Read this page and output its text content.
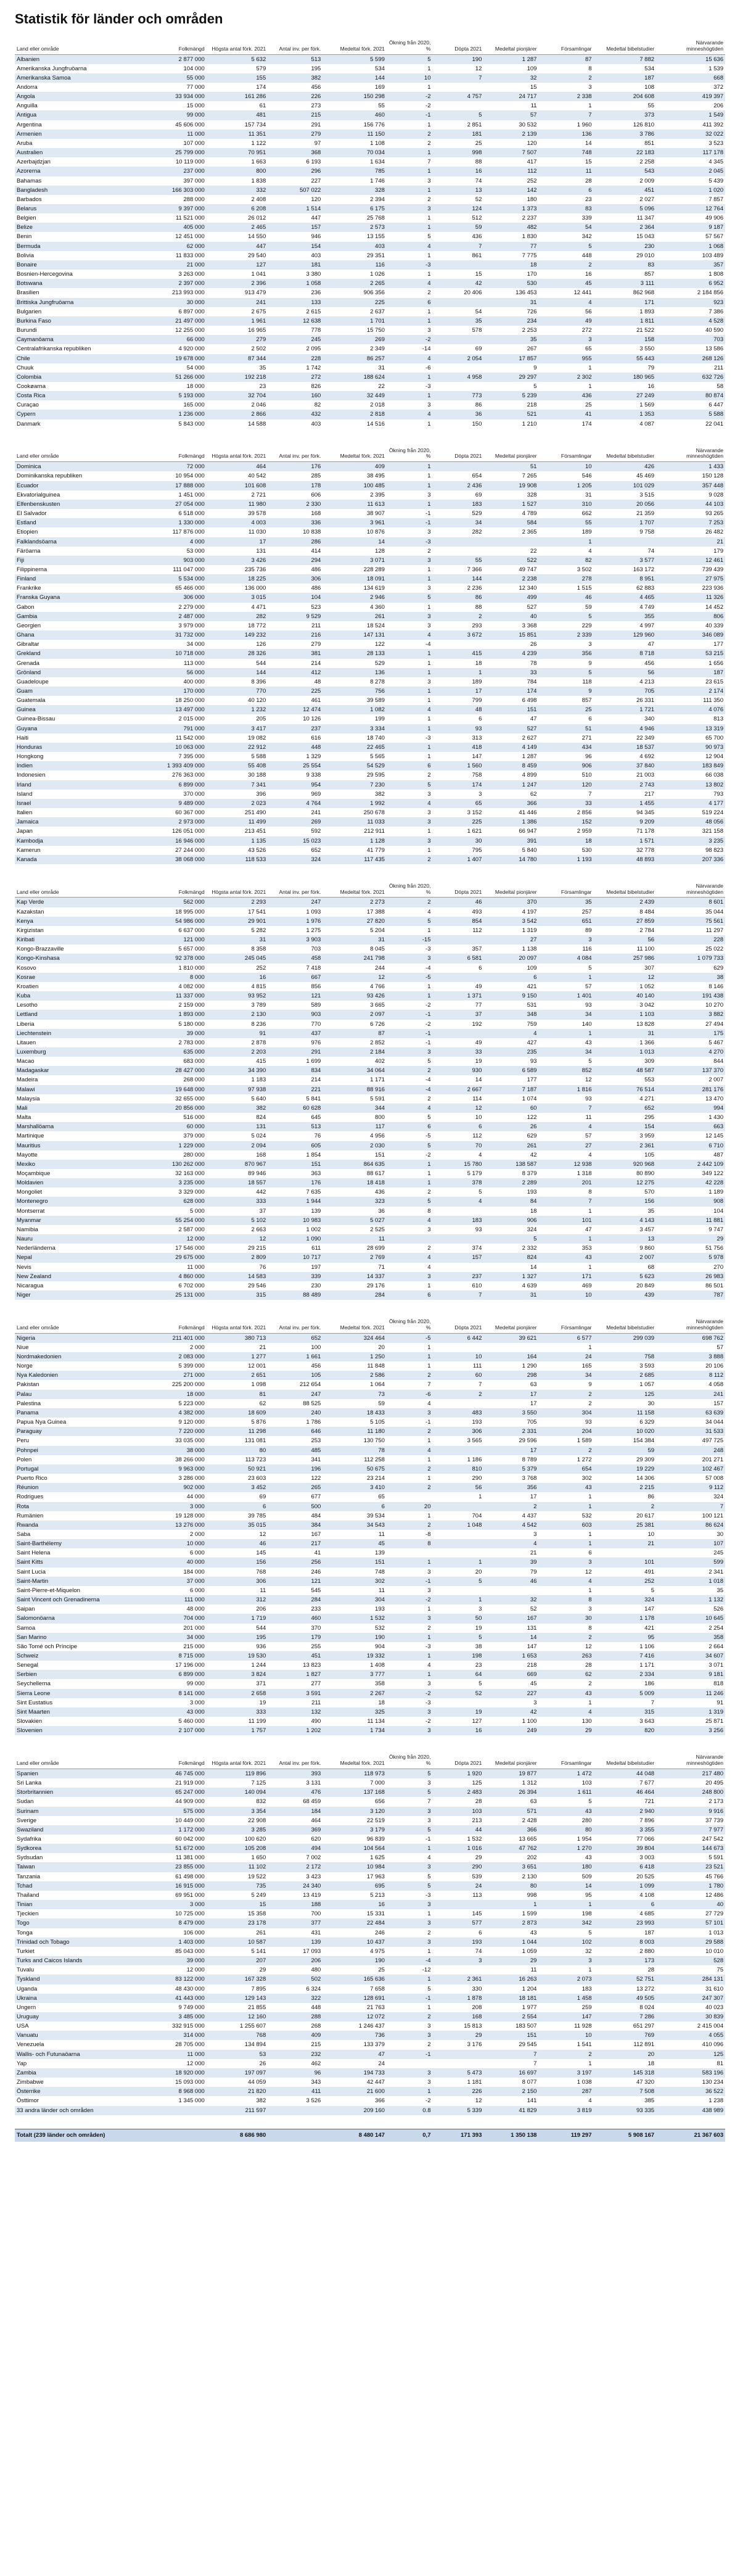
Statistik för länder och områden
Land eller område	Folkmängd	Högsta antal förk. 2021	Antal inv. per förk.	Medeltal förk. 2021	Ökning från 2020, %	Döpta 2021	Medeltal pionjärer	Församlingar	Medeltal bibelstudier	Närvarande minneshögtiden
Albanien	2 877 000	5 632	513	5 599	5	190	1 287	87	7 882	15 636
Amerikanska Jungfruöarna	104 000	579	195	534	1	12	109	8	534	1 539
Amerikanska Samoa	55 000	155	382	144	10	7	32	2	187	668
Andorra	77 000	174	456	169	1		15	3	108	372
Angola	33 934 000	161 286	226	150 298	-2	4 757	24 717	2 338	204 608	419 397
Anguilla	15 000	61	273	55	-2		11	1	55	206
Antigua	99 000	481	215	460	-1	5	57	7	373	1 549
Argentina	45 606 000	157 734	291	156 776	1	2 851	30 532	1 960	126 810	411 392
Armenien	11 000	11 351	279	11 150	2	181	2 139	136	3 786	32 022
Aruba	107 000	1 122	97	1 108	2	25	120	14	851	3 523
Australien	25 799 000	70 951	368	70 034	1	998	7 507	748	22 183	117 178
Azerbajdzjan	10 119 000	1 663	6 193	1 634	7	88	417	15	2 258	4 345
Azorerna	237 000	800	296	785	1	16	112	11	543	2 045
Bahamas	397 000	1 838	227	1 746	3	74	252	28	2 009	5 439
Bangladesh	166 303 000	332	507 022	328	1	13	142	6	451	1 020
Barbados	288 000	2 408	120	2 394	2	52	180	23	2 027	7 857
Belarus	9 397 000	6 208	1 514	6 175	3	124	1 373	83	5 096	12 764
Belgien	11 521 000	26 012	447	25 768	1	512	2 237	339	11 347	49 906
Belize	405 000	2 465	157	2 573	1	59	482	54	2 364	9 187
Benin	12 451 000	14 550	946	13 155	5	436	1 830	342	15 043	57 567
Bermuda	62 000	447	154	403	4	7	77	5	230	1 068
Bolivia	11 833 000	29 540	403	29 351	1	861	7 775	448	29 010	103 489
Bonaire	21 000	127	181	116	-3		18	2	83	357
Bosnien-Hercegovina	3 263 000	1 041	3 380	1 026	1	15	170	16	857	1 808
Botswana	2 397 000	2 396	1 058	2 265	4	42	530	45	3 111	6 952
Brasilien	213 993 000	913 479	236	906 356	2	20 406	136 453	12 441	862 968	2 184 856
Brittiska Jungfruöarna	30 000	241	133	225	6		31	4	171	923
Bulgarien	6 897 000	2 675	2 615	2 637	1	54	726	56	1 893	7 386
Burkina Faso	21 497 000	1 961	12 638	1 701	1	35	234	49	1 811	4 528
Burundi	12 255 000	16 965	778	15 750	3	578	2 253	272	21 522	40 590
Caymanöarna	66 000	279	245	269	-2		35	3	158	703
Centralafrikanska republiken	4 920 000	2 502	2 095	2 349	-14	69	267	65	3 550	13 586
Chile	19 678 000	87 344	228	86 257	4	2 054	17 857	955	55 443	268 126
Chuuk	54 000	35	1 742	31	-6		9	1	79	211
Colombia	51 266 000	192 218	272	188 624	1	4 958	29 297	2 302	180 965	632 726
Cookøarna	18 000	23	826	22	-3		5	1	16	58
Costa Rica	5 193 000	32 704	160	32 449	1	773	5 239	436	27 249	80 874
Curaçao	165 000	2 046	82	2 018	3	86	218	25	1 569	6 447
Cypern	1 236 000	2 866	432	2 818	4	36	521	41	1 353	5 588
Danmark	5 843 000	14 588	403	14 516	1	150	1 210	174	4 087	22 041
Land eller område	Folkmängd	Högsta antal förk. 2021	Antal inv. per förk.	Medeltal förk. 2021	Ökning från 2020, %	Döpta 2021	Medeltal pionjärer	Församlingar	Medeltal bibelstudier	Närvarande minneshögtiden
Dominica	72 000	464	176	409	1		51	10	426	1 433
Dominikanska republiken	10 954 000	40 542	285	38 495	1	654	7 265	546	45 469	150 128
Ecuador	17 888 000	101 608	178	100 485	1	2 436	19 908	1 205	101 029	357 448
Ekvatorialguinea	1 451 000	2 721	606	2 395	3	69	328	31	3 515	9 028
Elfenbenskusten	27 054 000	11 980	2 330	11 613	1	183	1 527	310	20 056	44 103
El Salvador	6 518 000	39 578	168	38 907	-1	529	4 789	662	21 359	93 265
Estland	1 330 000	4 003	336	3 961	-1	34	584	55	1 707	7 253
Etiopien	117 876 000	11 030	10 838	10 876	3	282	2 365	189	9 758	26 482
Falklandsöarna	4 000	17	286	14	-3			1		21
Färöarna	53 000	131	414	128	2		22	4	74	179
Fiji	903 000	3 426	294	3 071	3	55	522	82	3 577	12 461
Filippinerna	111 047 000	235 736	486	228 289	1	7 366	49 747	3 502	163 172	739 439
Finland	5 534 000	18 225	306	18 091	1	144	2 238	278	8 951	27 975
Frankrike	65 466 000	136 000	486	134 619	3	2 236	12 340	1 515	62 883	223 936
Franska Guyana	306 000	3 015	104	2 946	5	86	499	46	4 465	11 326
Gabon	2 279 000	4 471	523	4 360	1	88	527	59	4 749	14 452
Gambia	2 487 000	282	9 529	261	3	2	40	5	355	806
Georgien	3 979 000	18 772	211	18 524	3	293	3 368	229	4 997	40 339
Ghana	31 732 000	149 232	216	147 131	4	3 672	15 851	2 339	129 960	346 089
Gibraltar	34 000	126	279	122	-4		26	3	47	177
Grekland	10 718 000	28 326	381	28 133	1	415	4 239	356	8 718	53 215
Grenada	113 000	544	214	529	1	18	78	9	456	1 656
Grönland	56 000	144	412	136	1	1	33	5	56	187
Guadeloupe	400 000	8 396	48	8 278	3	189	784	118	4 213	23 615
Guam	170 000	770	225	756	1	17	174	9	705	2 174
Guatemala	18 250 000	40 120	461	39 589	1	799	6 498	857	26 331	111 350
Guinea	13 497 000	1 232	12 474	1 082	4	48	151	25	1 721	4 076
Guinea-Bissau	2 015 000	205	10 126	199	1	6	47	6	340	813
Guyana	791 000	3 417	237	3 334	1	93	527	51	4 946	13 319
Haiti	11 542 000	19 082	616	18 740	-3	313	2 627	271	22 349	65 700
Honduras	10 063 000	22 912	448	22 465	1	418	4 149	434	18 537	90 973
Hongkong	7 395 000	5 588	1 329	5 565	1	147	1 287	96	4 692	12 904
Indien	1 393 409 000	55 408	25 554	54 529	6	1 560	8 459	906	37 840	183 849
Indonesien	276 363 000	30 188	9 338	29 595	2	758	4 899	510	21 003	66 038
Irland	6 899 000	7 341	954	7 230	5	174	1 247	120	2 743	13 802
Island	370 000	396	969	382	3	3	62	7	217	793
Israel	9 489 000	2 023	4 764	1 992	4	65	366	33	1 455	4 177
Italien	60 367 000	251 490	241	250 678	3	3 152	41 446	2 856	94 345	519 224
Jamaica	2 973 000	11 499	269	11 033	3	225	1 386	152	9 209	48 056
Japan	126 051 000	213 451	592	212 911	1	1 621	66 947	2 959	71 178	321 158
Kambodja	16 946 000	1 135	15 023	1 128	3	30	391	18	1 571	3 235
Kamerun	27 244 000	43 526	652	41 779	1	795	5 840	530	32 778	98 823
Kanada	38 068 000	118 533	324	117 435	2	1 407	14 780	1 193	48 893	207 336
Land eller område	Folkmängd	Högsta antal förk. 2021	Antal inv. per förk.	Medeltal förk. 2021	Ökning från 2020, %	Döpta 2021	Medeltal pionjärer	Församlingar	Medeltal bibelstudier	Närvarande minneshögtiden
Kap Verde	562 000	2 293	247	2 273	2	46	370	35	2 439	8 601
Kazakstan	18 995 000	17 541	1 093	17 388	4	493	4 197	257	8 484	35 044
Kenya	54 986 000	29 901	1 976	27 820	5	854	3 542	651	27 859	75 561
Kirgizistan	6 637 000	5 282	1 275	5 204	1	112	1 319	89	2 784	11 297
Kiribati	121 000	31	3 903	31	-15		27	3	56	228
Kongo-Brazzaville	5 657 000	8 358	703	8 045	-3	357	1 138	116	11 100	25 022
Kongo-Kinshasa	92 378 000	245 045	458	241 798	3	6 581	20 097	4 084	257 986	1 079 733
Kosovo	1 810 000	252	7 418	244	-4	6	109	5	307	629
Kosrae	8 000	16	667	12	-5		6	1	12	38
Kroatien	4 082 000	4 815	856	4 766	1	49	421	57	1 052	8 146
Kuba	11 337 000	93 952	121	93 426	1	1 371	9 150	1 401	40 140	191 438
Lesotho	2 159 000	3 789	589	3 665	-2	77	531	93	3 042	10 270
Lettland	1 893 000	2 130	903	2 097	-1	37	348	34	1 103	3 882
Liberia	5 180 000	8 236	770	6 726	-2	192	759	140	13 828	27 494
Liechtenstein	39 000	91	437	87	-1		4	1	31	175
Litauen	2 783 000	2 878	976	2 852	-1	49	427	43	1 366	5 467
Luxemburg	635 000	2 203	291	2 184	3	33	235	34	1 013	4 270
Macao	683 000	415	1 699	402	5	19	93	5	309	844
Madagaskar	28 427 000	34 390	834	34 064	2	930	6 589	852	48 587	137 370
Madeira	268 000	1 183	214	1 171	-4	14	177	12	553	2 007
Malawi	19 648 000	97 938	221	88 916	-4	2 667	7 187	1 816	76 514	281 176
Malaysia	32 655 000	5 640	5 841	5 591	2	114	1 074	93	4 271	13 470
Mali	20 856 000	382	60 628	344	4	12	60	7	652	994
Malta	516 000	824	645	800	5	10	122	11	295	1 430
Marshallöarna	60 000	131	513	117	6	6	26	4	154	663
Martinique	379 000	5 024	76	4 956	-5	112	629	57	3 959	12 145
Mauritius	1 229 000	2 094	605	2 030	5	70	261	27	2 361	6 710
Mayotte	280 000	168	1 854	151	-2	4	42	4	105	487
Mexiko	130 262 000	870 967	151	864 635	1	15 780	138 587	12 938	920 968	2 442 109
Moçambique	32 163 000	89 946	363	88 617	1	5 179	8 379	1 318	80 890	349 122
Moldavien	3 235 000	18 557	176	18 418	1	378	2 289	201	12 275	42 228
Mongoliet	3 329 000	442	7 635	436	2	5	193	8	570	1 189
Montenegro	628 000	333	1 944	323	5	4	84	7	156	908
Montserrat	5 000	37	139	36	8		18	1	35	104
Myanmar	55 254 000	5 102	10 983	5 027	4	183	906	101	4 143	11 881
Namibia	2 587 000	2 663	1 002	2 525	3	93	324	47	3 457	9 747
Nauru	12 000	12	1 090	11			5	1	13	29
Nederländerna	17 546 000	29 215	611	28 699	2	374	2 332	353	9 860	51 756
Nepal	29 675 000	2 809	10 717	2 769	4	157	824	43	2 007	5 978
Nevis	11 000	76	197	71	4		14	1	68	270
New Zealand	4 860 000	14 583	339	14 337	3	237	1 327	171	5 623	26 983
Nicaragua	6 702 000	29 546	230	29 176	1	610	4 639	469	20 849	86 501
Niger	25 131 000	315	88 489	284	6	7	31	10	439	787
Land eller område	Folkmängd	Högsta antal förk. 2021	Antal inv. per förk.	Medeltal förk. 2021	Ökning från 2020, %	Döpta 2021	Medeltal pionjärer	Församlingar	Medeltal bibelstudier	Närvarande minneshögtiden
Nigeria	211 401 000	380 713	652	324 464	-5	6 442	39 621	6 577	299 039	698 762
Niue	2 000	21	100	20	1			1		57
Nordmakedonien	2 083 000	1 277	1 661	1 250	1	10	164	24	758	3 888
Norge	5 399 000	12 001	456	11 848	1	111	1 290	165	3 593	20 106
Nya Kaledonien	271 000	2 651	105	2 586	2	60	298	34	2 685	8 112
Pakistan	225 200 000	1 098	212 654	1 064	7	7	63	9	1 057	4 058
Palau	18 000	81	247	73	-6	2	17	2	125	241
Palestina	5 223 000	62	88 525	59	4		17	2	30	157
Panama	4 382 000	18 609	240	18 433	3	483	3 550	304	11 158	63 639
Papua Nya Guinea	9 120 000	5 876	1 786	5 105	-1	193	705	93	6 329	34 044
Paraguay	7 220 000	11 298	646	11 180	2	306	2 331	204	10 020	31 533
Peru	33 035 000	131 081	253	130 750	1	3 565	29 596	1 589	154 384	497 725
Pohnpei	38 000	80	485	78	4		17	2	59	248
Polen	38 266 000	113 723	341	112 258	1	1 186	8 789	1 272	29 309	201 271
Portugal	9 963 000	50 921	196	50 675	2	810	5 379	654	19 229	102 467
Puerto Rico	3 286 000	23 603	122	23 214	1	290	3 768	302	14 306	57 008
Réunion	902 000	3 452	265	3 410	2	56	356	43	2 215	9 112
Rodrigues	44 000	69	677	65		1	17	1	86	324
Rota	3 000	6	500	6	20		2	1	2	7
Rumänien	19 128 000	39 785	484	39 534	1	704	4 437	532	20 617	100 121
Rwanda	13 276 000	35 015	384	34 543	2	1 048	4 542	603	25 381	86 624
Saba	2 000	12	167	11	-8		3	1	10	30
Saint-Barthélemy	10 000	46	217	45	8		4	1	21	107
Saint Helena	6 000	145	41	139			21	6		245
Saint Kitts	40 000	156	256	151	1	1	39	3	101	599
Saint Lucia	184 000	768	246	748	3	20	79	12	491	2 341
Saint-Martin	37 000	306	121	302	-1	5	46	4	252	1 018
Saint-Pierre-et-Miquelon	6 000	11	545	11	3			1	5	35
Saint Vincent och Grenadinerna	111 000	312	284	304	-2	1	32	8	324	1 132
Saipan	48 000	206	233	193	1	3	52	3	147	526
Salomonöarna	704 000	1 719	460	1 532	3	50	167	30	1 178	10 645
Samoa	201 000	544	370	532	2	19	131	8	421	2 254
San Marino	34 000	195	179	190	1	5	14	2	95	358
São Tomé och Príncipe	215 000	936	255	904	-3	38	147	12	1 106	2 664
Schweiz	8 715 000	19 530	451	19 332	1	198	1 653	263	7 416	34 607
Senegal	17 196 000	1 244	13 823	1 408	4	23	218	28	1 171	3 071
Serbien	6 899 000	3 824	1 827	3 777	1	64	669	62	2 334	9 181
Seychellerna	99 000	371	277	358	3	5	45	2	186	818
Sierra Leone	8 141 000	2 658	3 591	2 267	-2	52	227	43	5 009	11 246
Sint Eustatius	3 000	19	211	18	-3		3	1	7	91
Sint Maarten	43 000	333	132	325	3	19	42	4	315	1 319
Slovakien	5 460 000	11 199	490	11 134	-2	127	1 100	130	3 643	25 871
Slovenien	2 107 000	1 757	1 202	1 734	3	16	249	29	820	3 256
Land eller område	Folkmängd	Högsta antal förk. 2021	Antal inv. per förk.	Medeltal förk. 2021	Ökning från 2020, %	Döpta 2021	Medeltal pionjärer	Församlingar	Medeltal bibelstudier	Närvarande minneshögtiden
Spanien	46 745 000	119 896	393	118 973	5	1 920	19 877	1 472	44 048	217 480
Sri Lanka	21 919 000	7 125	3 131	7 000	3	125	1 312	103	7 677	20 495
Storbritannien	65 247 000	140 094	476	137 168	5	2 483	26 394	1 611	46 464	248 800
Sudan	44 909 000	832	68 459	656	7	28	63	5	721	2 173
Surinam	575 000	3 354	184	3 120	3	103	571	43	2 940	9 916
Sverige	10 449 000	22 908	464	22 519	3	213	2 428	280	7 896	37 739
Swaziland	1 172 000	3 285	369	3 179	5	44	366	80	3 355	7 977
Sydafrika	60 042 000	100 620	620	96 839	-1	1 532	13 665	1 954	77 066	247 542
Sydkorea	51 672 000	105 208	494	104 564	1	1 016	47 762	1 270	39 804	144 673
Sydsudan	11 381 000	1 650	7 002	1 625	4	29	202	43	3 003	5 591
Taiwan	23 855 000	11 102	2 172	10 984	3	290	3 651	180	6 418	23 521
Tanzania	61 498 000	19 522	3 423	17 963	5	539	2 130	509	20 525	45 766
Tchad	16 915 000	735	24 340	695	5	24	80	14	1 099	1 780
Thailand	69 951 000	5 249	13 419	5 213	-3	113	998	95	4 108	12 486
Tinian	3 000	15	188	16	3		1	1	6	40
Tjeckien	10 725 000	15 358	700	15 331	1	145	1 599	198	4 685	27 729
Togo	8 479 000	23 178	377	22 484	3	577	2 873	342	23 993	57 101
Tonga	106 000	261	431	246	2	6	43	5	187	1 013
Trinidad och Tobago	1 403 000	10 587	139	10 437	3	193	1 044	102	8 003	29 588
Turkiet	85 043 000	5 141	17 093	4 975	1	74	1 059	32	2 880	10 010
Turks and Caicos Islands	39 000	207	206	190	-4	3	29	3	173	528
Tuvalu	12 000	29	480	25	-12		11	1	28	75
Tyskland	83 122 000	167 328	502	165 636	1	2 361	16 263	2 073	52 751	284 131
Uganda	48 430 000	7 895	6 324	7 658	5	330	1 204	183	13 272	31 610
Ukraina	41 443 000	129 143	322	128 691	-1	1 878	18 181	1 458	49 505	247 307
Ungern	9 749 000	21 855	448	21 763	1	208	1 977	259	8 024	40 023
Uruguay	3 485 000	12 160	288	12 072	2	168	2 554	147	7 286	30 839
USA	332 915 000	1 255 607	268	1 246 437	3	15 813	183 507	11 928	651 297	2 415 004
Vanuatu	314 000	768	409	736	3	29	151	10	769	4 055
Venezuela	28 705 000	134 894	215	133 379	2	3 176	29 545	1 541	112 891	410 096
Wallis- och Futunaöarna	11 000	53	232	47	-1		7	2	20	125
Yap	12 000	26	462	24			7	1	18	81
Zambia	18 920 000	197 097	96	194 733	3	5 473	16 697	3 197	145 318	583 196
Zimbabwe	15 093 000	44 059	343	42 447	3	1 181	8 077	1 038	47 320	130 234
Österrike	8 968 000	21 820	411	21 600	1	226	2 150	287	7 508	36 522
Östtimor	1 345 000	382	3 526	366	-2	12	141	4	385	1 238
33 andra länder och områden		211 597		209 160	0.8	5 339	41 829	3 819	93 335	438 989
Totalt (239 länder och områden)		8 686 980		8 480 147	0,7	171 393	1 350 138	119 297	5 908 167	21 367 603
